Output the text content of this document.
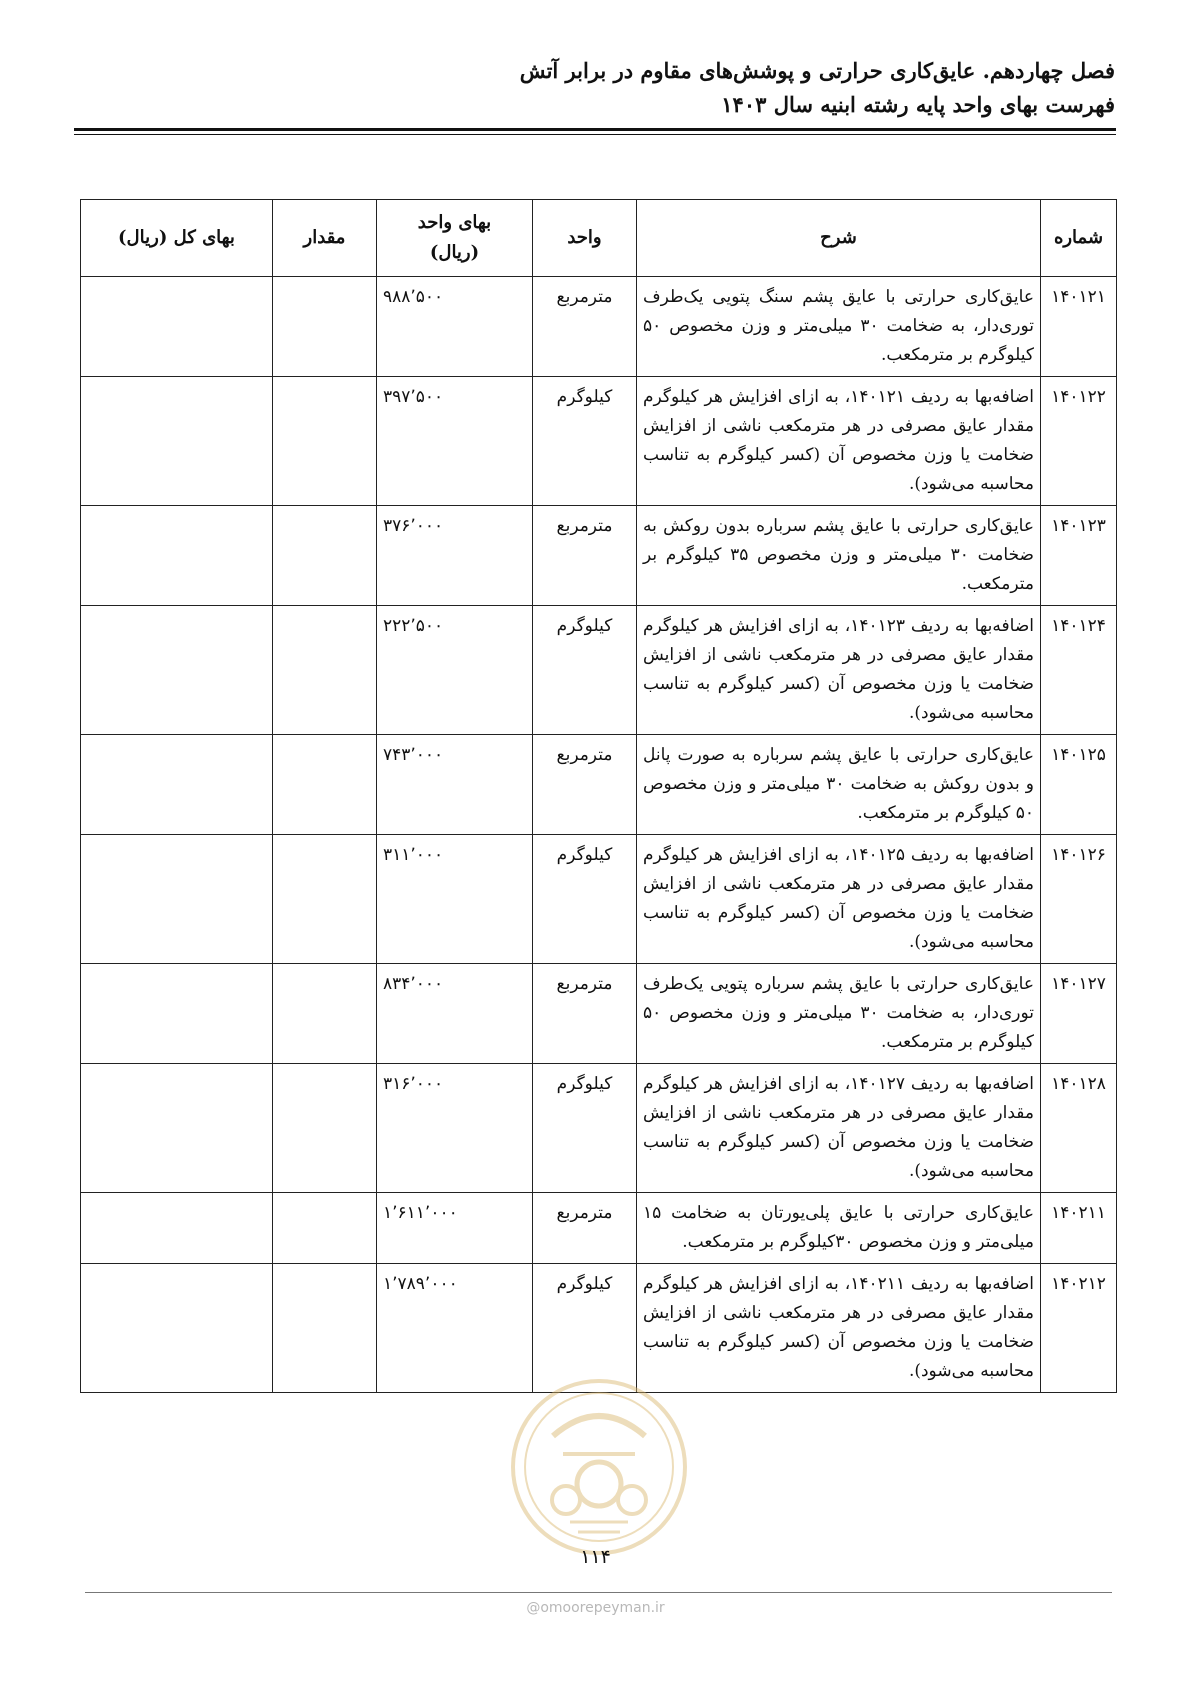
فصل چهاردهم. عایق‌کاری حرارتی و پوشش‌های مقاوم در برابر آتش
فهرست بهای واحد پایه رشته ابنیه سال ۱۴۰۳
شماره	شرح	واحد	بهای واحد
(ریال)	مقدار	بهای کل (ریال)
۱۴۰۱۲۱	عایق‌کاری حرارتی با عایق پشم سنگ پتویی یک‌طرف توری‌دار، به ضخامت ۳۰ میلی‌متر و وزن مخصوص ۵۰ کیلوگرم بر مترمکعب.	مترمربع	۹۸۸٬۵۰۰		
۱۴۰۱۲۲	اضافه‌بها به ردیف ۱۴۰۱۲۱، به ازای افزایش هر کیلوگرم مقدار عایق مصرفی در هر مترمکعب ناشی از افزایش ضخامت یا وزن مخصوص آن (کسر کیلوگرم به تناسب محاسبه می‌شود).	کیلوگرم	۳۹۷٬۵۰۰		
۱۴۰۱۲۳	عایق‌کاری حرارتی با عایق پشم سرباره بدون روکش به ضخامت ۳۰ میلی‌متر و وزن مخصوص ۳۵ کیلوگرم بر مترمکعب.	مترمربع	۳۷۶٬۰۰۰		
۱۴۰۱۲۴	اضافه‌بها به ردیف ۱۴۰۱۲۳، به ازای افزایش هر کیلوگرم مقدار عایق مصرفی در هر مترمکعب ناشی از افزایش ضخامت یا وزن مخصوص آن (کسر کیلوگرم به تناسب محاسبه می‌شود).	کیلوگرم	۲۲۲٬۵۰۰		
۱۴۰۱۲۵	عایق‌کاری حرارتی با عایق پشم سرباره به صورت پانل و بدون روکش به ضخامت ۳۰ میلی‌متر و وزن مخصوص ۵۰ کیلوگرم بر مترمکعب.	مترمربع	۷۴۳٬۰۰۰		
۱۴۰۱۲۶	اضافه‌بها به ردیف ۱۴۰۱۲۵، به ازای افزایش هر کیلوگرم مقدار عایق مصرفی در هر مترمکعب ناشی از افزایش ضخامت یا وزن مخصوص آن (کسر کیلوگرم به تناسب محاسبه می‌شود).	کیلوگرم	۳۱۱٬۰۰۰		
۱۴۰۱۲۷	عایق‌کاری حرارتی با عایق پشم سرباره پتویی یک‌طرف توری‌دار، به ضخامت ۳۰ میلی‌متر و وزن مخصوص ۵۰ کیلوگرم بر مترمکعب.	مترمربع	۸۳۴٬۰۰۰		
۱۴۰۱۲۸	اضافه‌بها به ردیف ۱۴۰۱۲۷، به ازای افزایش هر کیلوگرم مقدار عایق مصرفی در هر مترمکعب ناشی از افزایش ضخامت یا وزن مخصوص آن (کسر کیلوگرم به تناسب محاسبه می‌شود).	کیلوگرم	۳۱۶٬۰۰۰		
۱۴۰۲۱۱	عایق‌کاری حرارتی با عایق پلی‌یورتان به ضخامت ۱۵ میلی‌متر و وزن مخصوص ۳۰کیلوگرم بر مترمکعب.	مترمربع	۱٬۶۱۱٬۰۰۰		
۱۴۰۲۱۲	اضافه‌بها به ردیف ۱۴۰۲۱۱، به ازای افزایش هر کیلوگرم مقدار عایق مصرفی در هر مترمکعب ناشی از افزایش ضخامت یا وزن مخصوص آن (کسر کیلوگرم به تناسب محاسبه می‌شود).	کیلوگرم	۱٬۷۸۹٬۰۰۰		
۱۱۴
@omoorepeyman.ir
